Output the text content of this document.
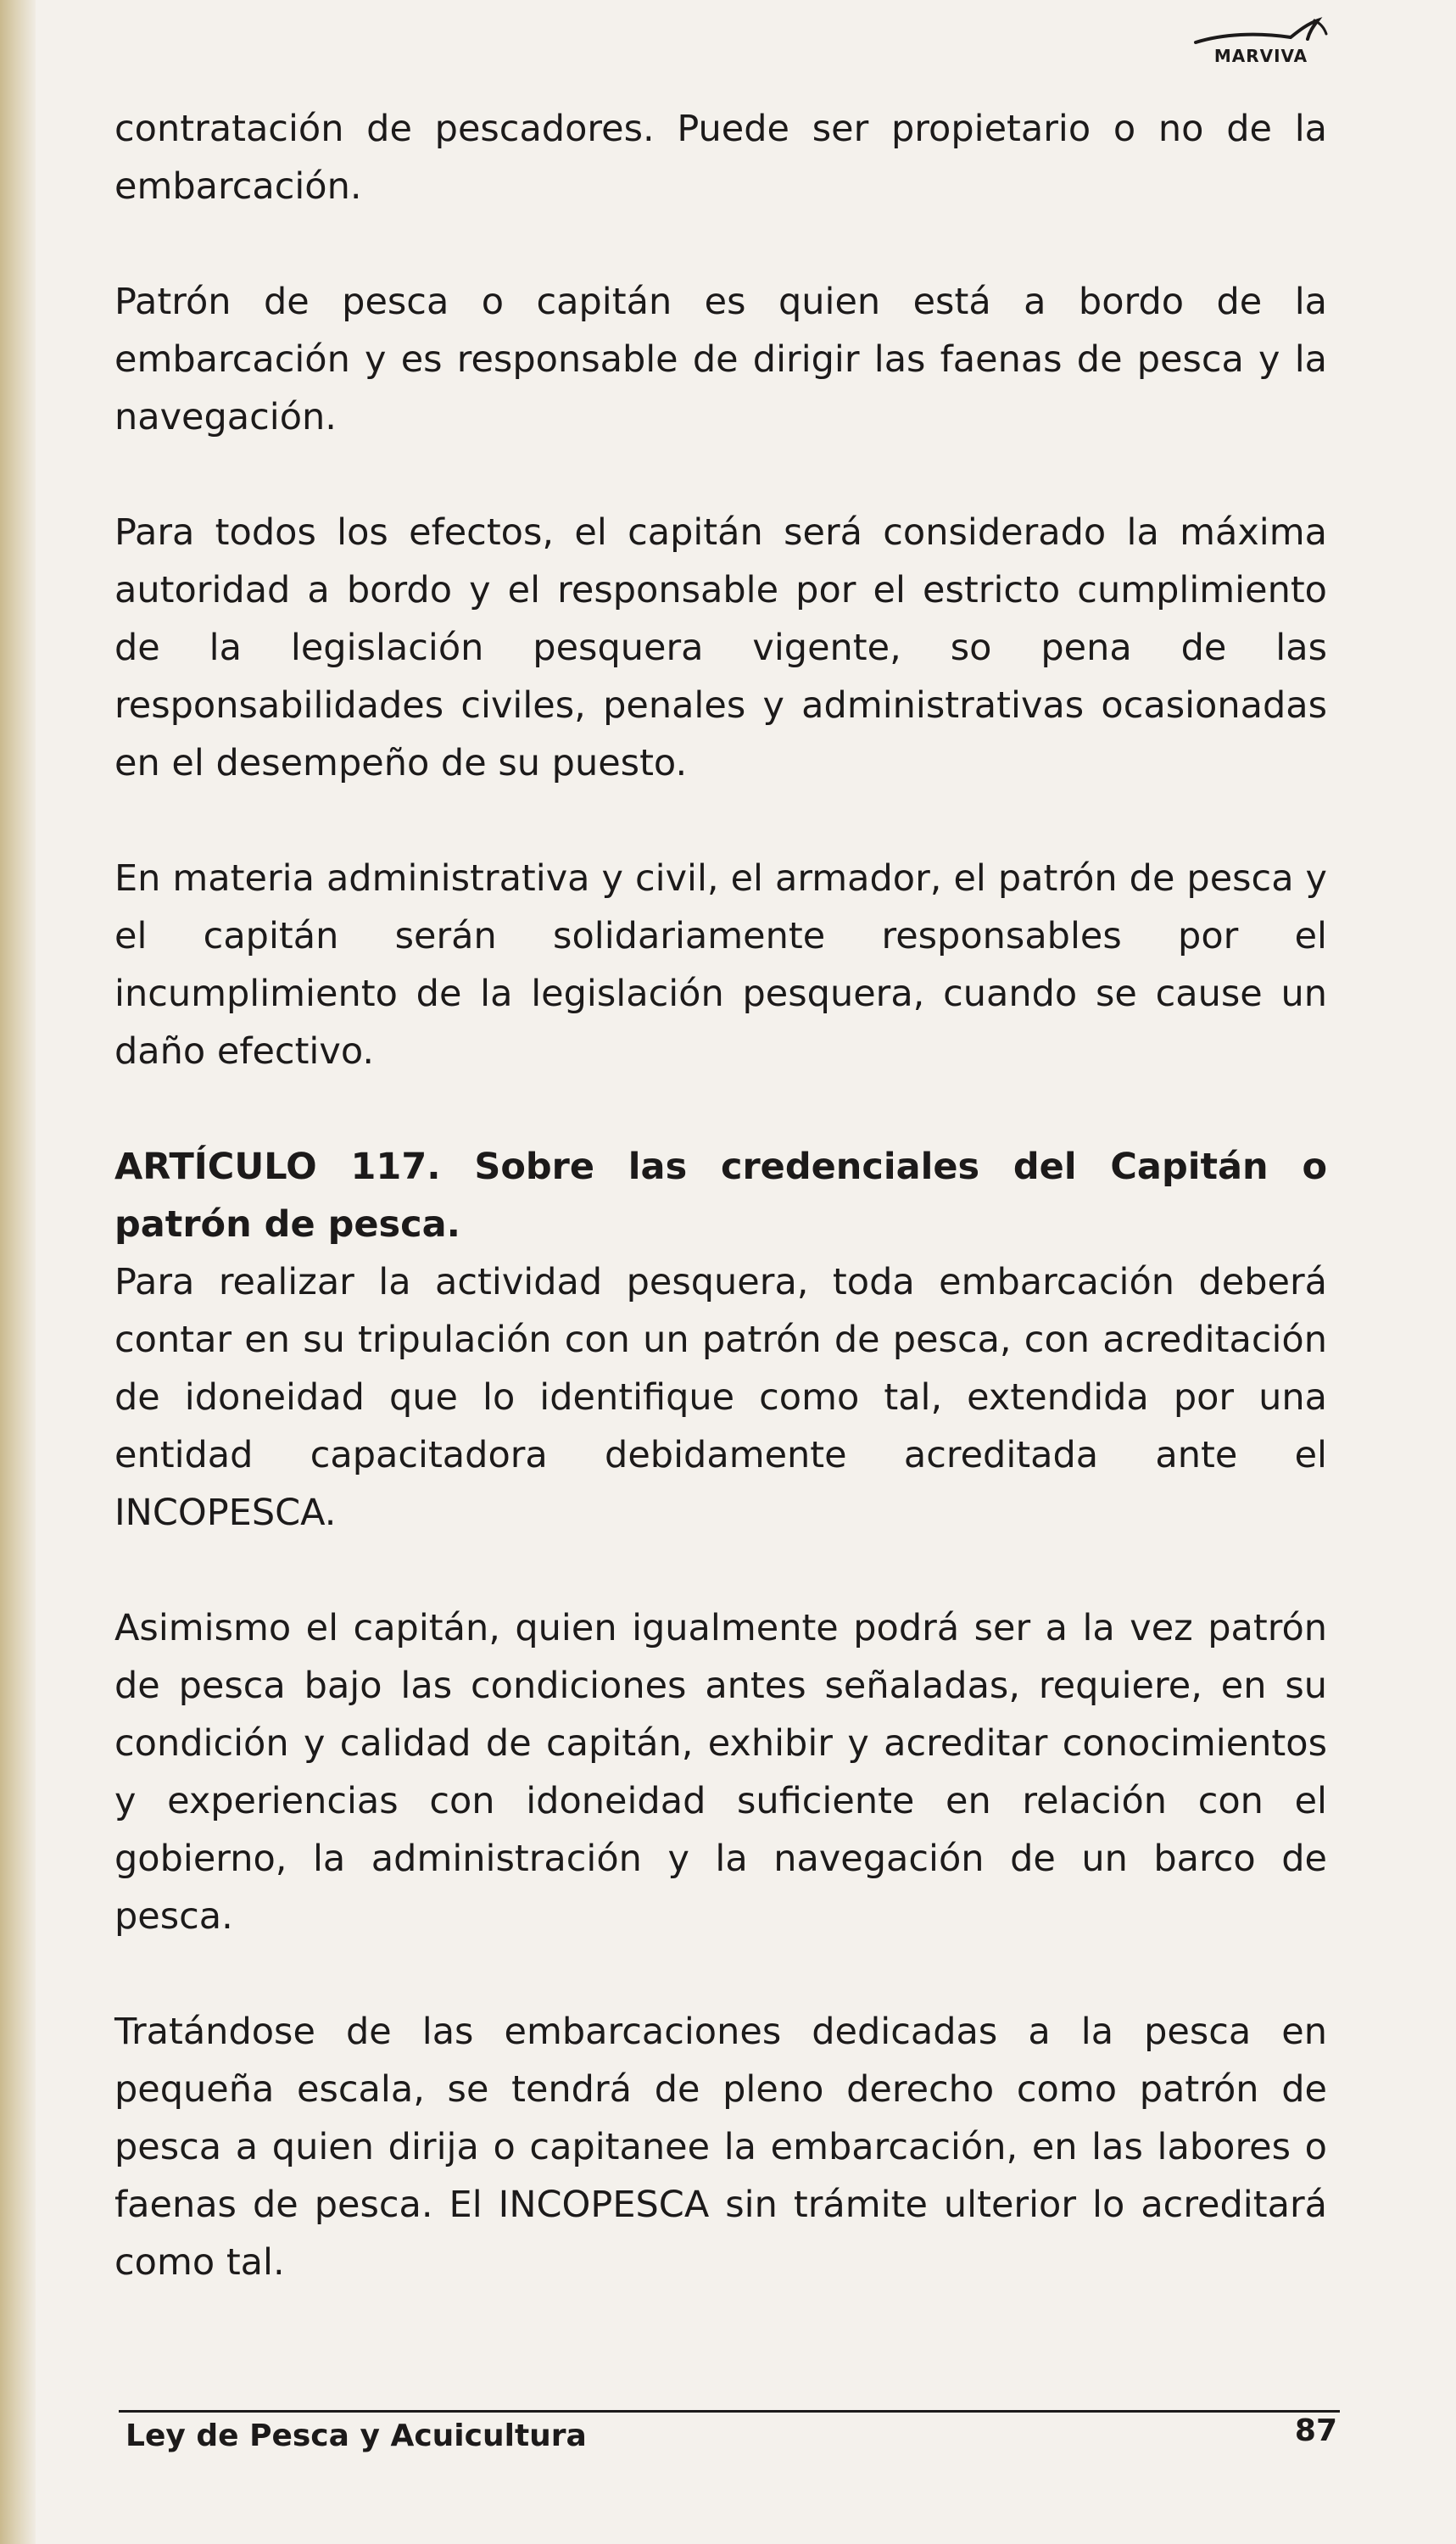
MARVIVA

contratación de pescadores. Puede ser propietario o no de la embarcación.

Patrón de pesca o capitán es quien está a bordo de la embarcación y es responsable de dirigir las faenas de pesca y la navegación.

Para todos los efectos, el capitán será considerado la máxima autoridad a bordo y el responsable por el estricto cumplimiento de la legislación pesquera vigente, so pena de las responsabilidades civiles, penales y administrativas ocasionadas en el desempeño de su puesto.

En materia administrativa y civil, el armador, el patrón de pesca y el capitán serán solidariamente responsables por el incumplimiento de la legislación pesquera, cuando se cause un daño efectivo.

ARTÍCULO 117. Sobre las credenciales del Capitán o patrón de pesca.

Para realizar la actividad pesquera, toda embarcación deberá contar en su tripulación con un patrón de pesca, con acreditación de idoneidad que lo identifique como tal, extendida por una entidad capacitadora debidamente acreditada ante el INCOPESCA.

Asimismo el capitán, quien igualmente podrá ser a la vez patrón de pesca bajo las condiciones antes señaladas, requiere, en su condición y calidad de capitán, exhibir y acreditar conocimientos y experiencias con idoneidad suficiente en relación con el gobierno, la administración y la navegación de un barco de pesca.

Tratándose de las embarcaciones dedicadas a la pesca en pequeña escala, se tendrá de pleno derecho como patrón de pesca a quien dirija o capitanee la embarcación, en las labores o faenas de pesca. El INCOPESCA sin trámite ulterior lo acreditará como tal.

Ley de Pesca y Acuicultura	87
